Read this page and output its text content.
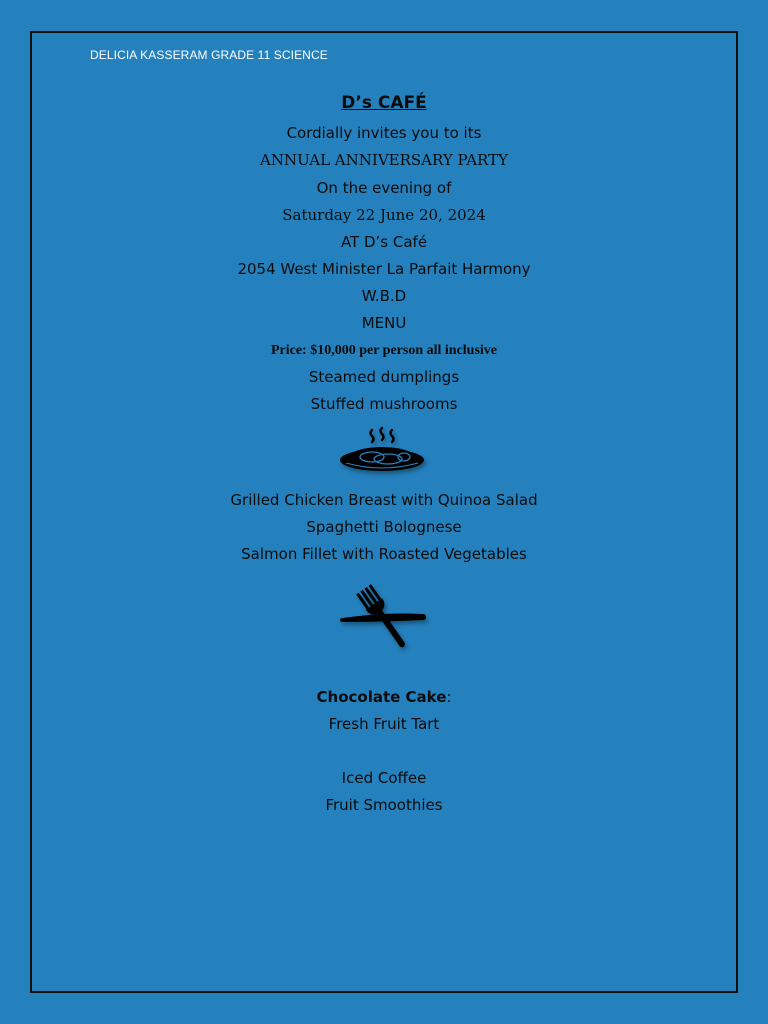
DELICIA KASSERAM GRADE 11 SCIENCE
D’s CAFÉ
Cordially invites you to its
ANNUAL ANNIVERSARY PARTY
On the evening of
Saturday 22 June 20, 2024
AT D’s Café
2054 West Minister La Parfait Harmony
W.B.D
MENU
Price: $10,000 per person all inclusive
Steamed dumplings
Stuffed mushrooms
Grilled Chicken Breast with Quinoa Salad
Spaghetti Bolognese
Salmon Fillet with Roasted Vegetables
Chocolate Cake:
Fresh Fruit Tart
Iced Coffee
Fruit Smoothies
